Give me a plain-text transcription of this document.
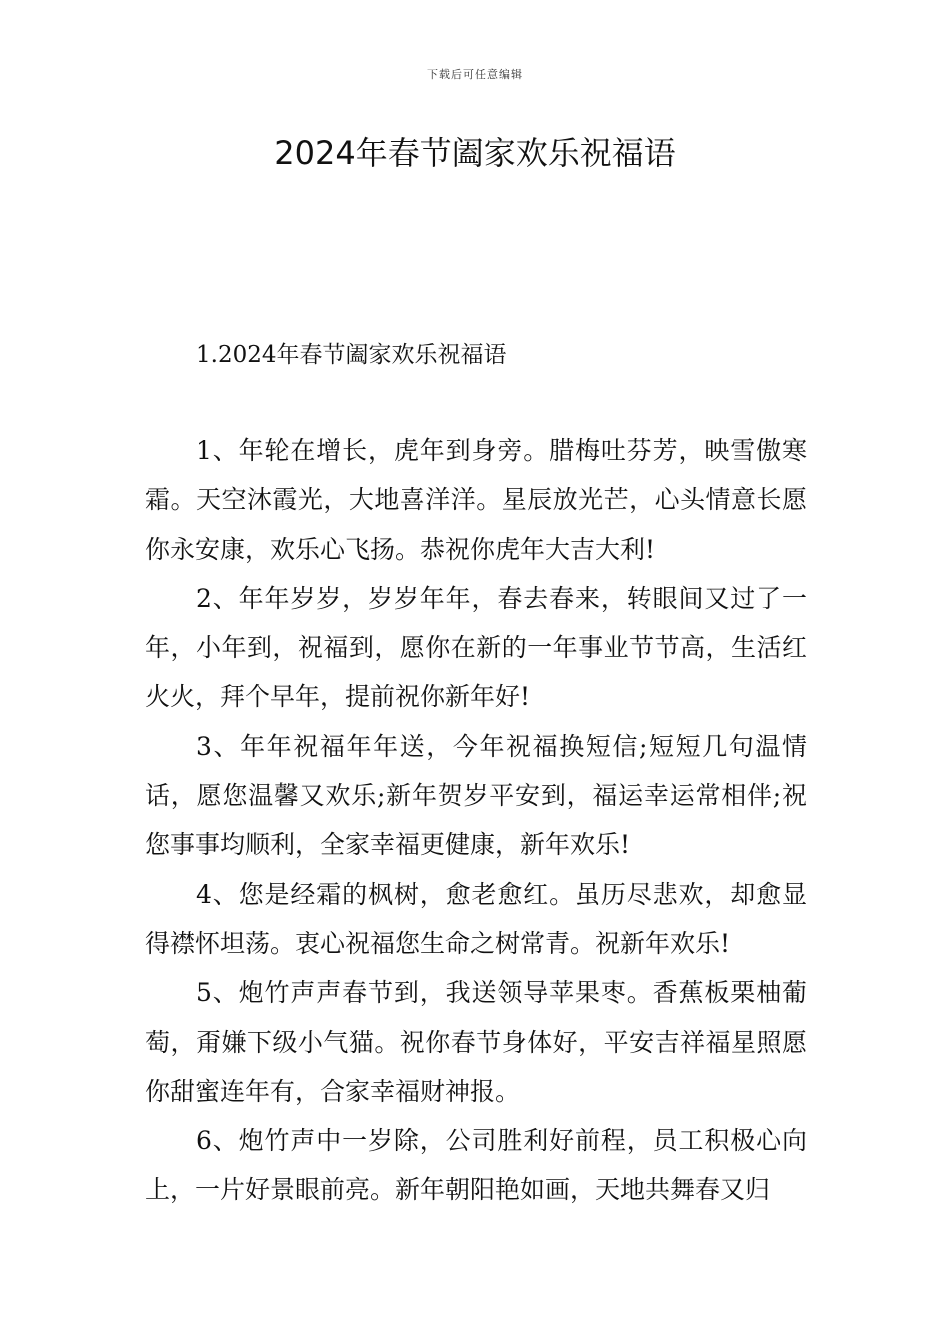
下载后可任意编辑
2024年春节阖家欢乐祝福语
1.2024年春节阖家欢乐祝福语

1、年轮在增长，虎年到身旁。腊梅吐芬芳，映雪傲寒霜。天空沐霞光，大地喜洋洋。星辰放光芒，心头情意长愿你永安康，欢乐心飞扬。恭祝你虎年大吉大利!

2、年年岁岁，岁岁年年，春去春来，转眼间又过了一年，小年到，祝福到，愿你在新的一年事业节节高，生活红火火，拜个早年，提前祝你新年好!

3、年年祝福年年送，今年祝福换短信;短短几句温情话，愿您温馨又欢乐;新年贺岁平安到，福运幸运常相伴;祝您事事均顺利，全家幸福更健康，新年欢乐!

4、您是经霜的枫树，愈老愈红。虽历尽悲欢，却愈显得襟怀坦荡。衷心祝福您生命之树常青。祝新年欢乐!

5、炮竹声声春节到，我送领导苹果枣。香蕉板栗柚葡萄，甭嫌下级小气猫。祝你春节身体好，平安吉祥福星照愿你甜蜜连年有，合家幸福财神报。

6、炮竹声中一岁除，公司胜利好前程，员工积极心向上，一片好景眼前亮。新年朝阳艳如画，天地共舞春又归
